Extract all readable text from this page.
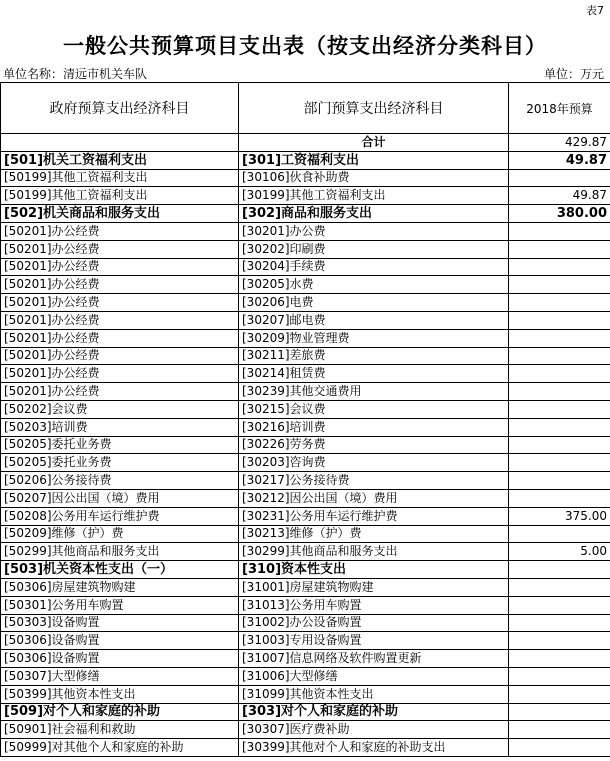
表7
一般公共预算项目支出表（按支出经济分类科目）
单位名称：清远市机关车队	单位：万元
政府预算支出经济科目	部门预算支出经济科目	2018年预算
	合计	429.87
[501]机关工资福利支出	[301]工资福利支出	49.87
[50199]其他工资福利支出	[30106]伙食补助费	
[50199]其他工资福利支出	[30199]其他工资福利支出	49.87
[502]机关商品和服务支出	[302]商品和服务支出	380.00
[50201]办公经费	[30201]办公费	
[50201]办公经费	[30202]印刷费	
[50201]办公经费	[30204]手续费	
[50201]办公经费	[30205]水费	
[50201]办公经费	[30206]电费	
[50201]办公经费	[30207]邮电费	
[50201]办公经费	[30209]物业管理费	
[50201]办公经费	[30211]差旅费	
[50201]办公经费	[30214]租赁费	
[50201]办公经费	[30239]其他交通费用	
[50202]会议费	[30215]会议费	
[50203]培训费	[30216]培训费	
[50205]委托业务费	[30226]劳务费	
[50205]委托业务费	[30203]咨询费	
[50206]公务接待费	[30217]公务接待费	
[50207]因公出国（境）费用	[30212]因公出国（境）费用	
[50208]公务用车运行维护费	[30231]公务用车运行维护费	375.00
[50209]维修（护）费	[30213]维修（护）费	
[50299]其他商品和服务支出	[30299]其他商品和服务支出	5.00
[503]机关资本性支出（一）	[310]资本性支出	
[50306]房屋建筑物购建	[31001]房屋建筑物购建	
[50301]公务用车购置	[31013]公务用车购置	
[50303]设备购置	[31002]办公设备购置	
[50306]设备购置	[31003]专用设备购置	
[50306]设备购置	[31007]信息网络及软件购置更新	
[50307]大型修缮	[31006]大型修缮	
[50399]其他资本性支出	[31099]其他资本性支出	
[509]对个人和家庭的补助	[303]对个人和家庭的补助	
[50901]社会福利和救助	[30307]医疗费补助	
[50999]对其他个人和家庭的补助	[30399]其他对个人和家庭的补助支出	
